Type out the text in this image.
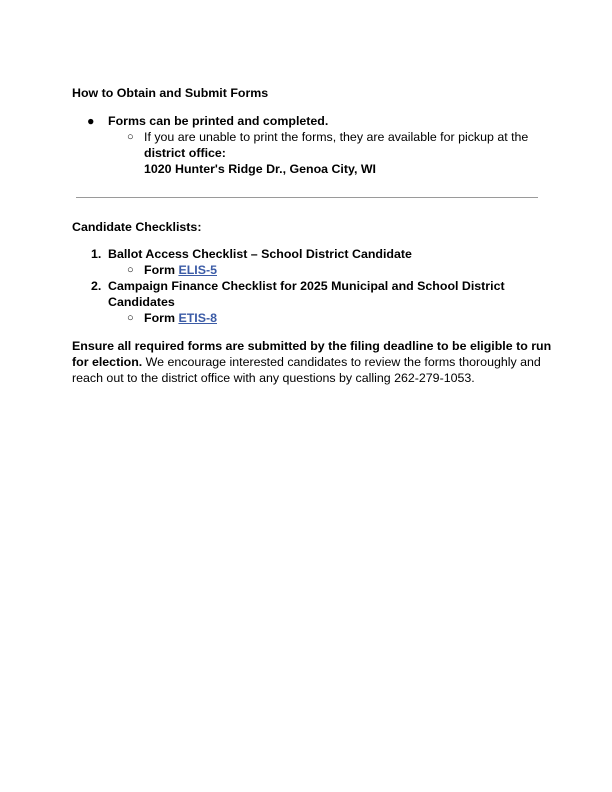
How to Obtain and Submit Forms
● Forms can be printed and completed.
○ If you are unable to print the forms, they are available for pickup at the
district office:
1020 Hunter's Ridge Dr., Genoa City, WI
Candidate Checklists:
1. Ballot Access Checklist – School District Candidate
○ Form ELIS-5
2. Campaign Finance Checklist for 2025 Municipal and School District
Candidates
○ Form ETIS-8
Ensure all required forms are submitted by the filing deadline to be eligible to run
for election. We encourage interested candidates to review the forms thoroughly and
reach out to the district office with any questions by calling 262-279-1053.
